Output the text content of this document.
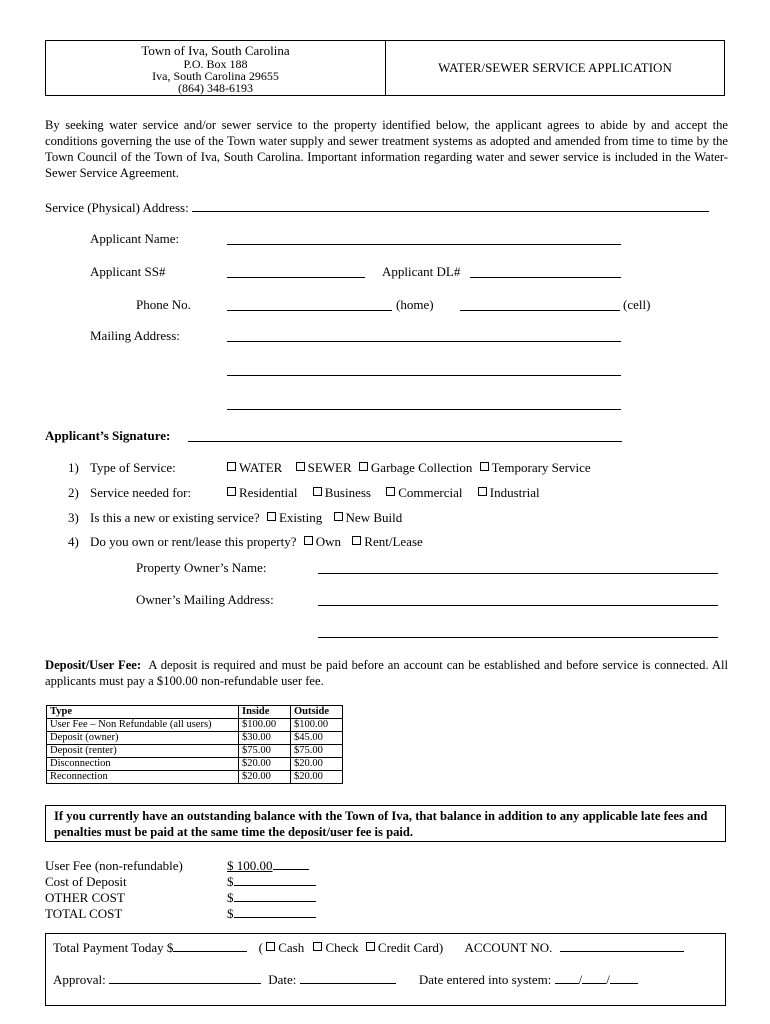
Town of Iva, South Carolina
P.O. Box 188
Iva, South Carolina 29655
(864) 348-6193
WATER/SEWER SERVICE APPLICATION
By seeking water service and/or sewer service to the property identified below, the applicant agrees to abide by and accept the conditions governing the use of the Town water supply and sewer treatment systems as adopted and amended from time to time by the Town Council of the Town of Iva, South Carolina. Important information regarding water and sewer service is included in the Water-Sewer Service Agreement.
Service (Physical) Address:
Applicant Name:
Applicant SS#	Applicant DL#
Phone No.	(home)	(cell)
Mailing Address:
Applicant’s Signature:
1) Type of Service:	WATER SEWER Garbage Collection Temporary Service
2) Service needed for:	Residential Business Commercial Industrial
3) Is this a new or existing service? Existing New Build
4) Do you own or rent/lease this property? Own Rent/Lease
Property Owner’s Name:
Owner’s Mailing Address:
Deposit/User Fee: A deposit is required and must be paid before an account can be established and before service is connected. All applicants must pay a $100.00 non-refundable user fee.
Type	Inside	Outside
User Fee – Non Refundable (all users)	$100.00	$100.00
Deposit (owner)	$30.00	$45.00
Deposit (renter)	$75.00	$75.00
Disconnection	$20.00	$20.00
Reconnection	$20.00	$20.00
If you currently have an outstanding balance with the Town of Iva, that balance in addition to any applicable late fees and penalties must be paid at the same time the deposit/user fee is paid.
User Fee (non-refundable)	$ 100.00
Cost of Deposit	$
OTHER COST	$
TOTAL COST	$
Total Payment Today $	( Cash Check Credit Card) ACCOUNT NO.
Approval:	Date:	Date entered into system: / /
